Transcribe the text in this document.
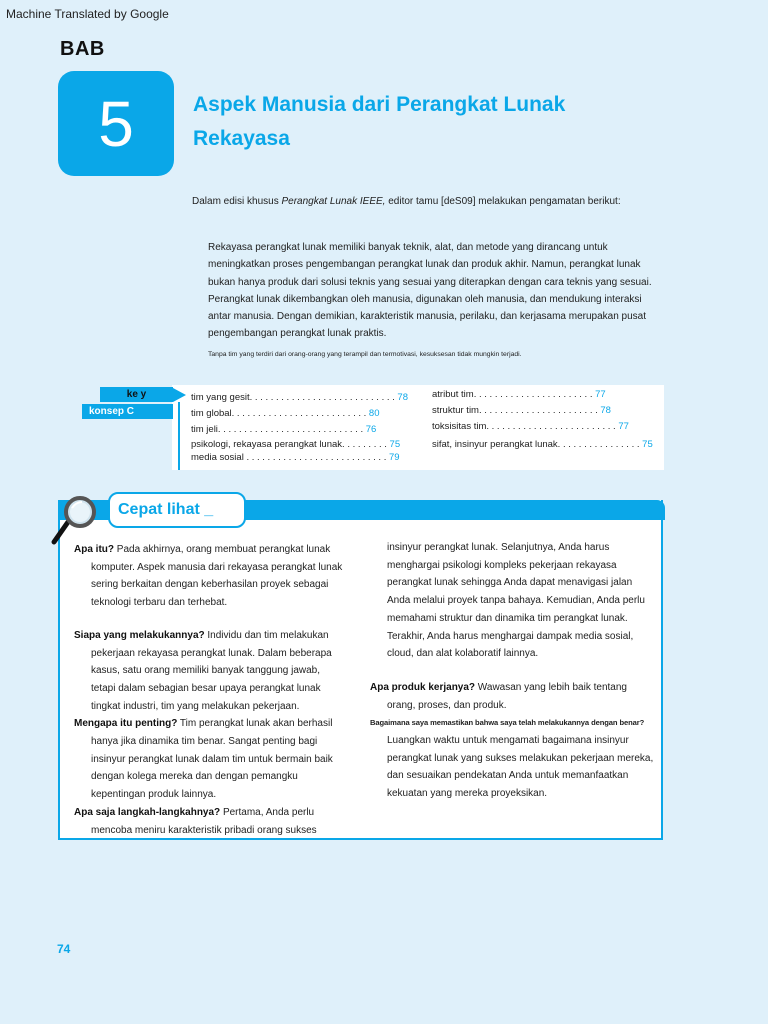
Machine Translated by Google
BAB
5	Aspek Manusia dari Perangkat Lunak
Rekayasa
Dalam edisi khusus Perangkat Lunak IEEE, editor tamu [deS09] melakukan pengamatan berikut:

Rekayasa perangkat lunak memiliki banyak teknik, alat, dan metode yang dirancang untuk

meningkatkan proses pengembangan perangkat lunak dan produk akhir. Namun, perangkat lunak

bukan hanya produk dari solusi teknis yang sesuai yang diterapkan dengan cara teknis yang sesuai.

Perangkat lunak dikembangkan oleh manusia, digunakan oleh manusia, dan mendukung interaksi

antar manusia. Dengan demikian, karakteristik manusia, perilaku, dan kerjasama merupakan pusat

pengembangan perangkat lunak praktis.

Tanpa tim yang terdiri dari orang-orang yang terampil dan termotivasi, kesuksesan tidak mungkin terjadi.
ke y
konsep C
tim yang gesit. . . . . . . . . . . . . . . . . . . . . . . . . . . . 78
tim global. . . . . . . . . . . . . . . . . . . . . . . . . . 80
tim jeli. . . . . . . . . . . . . . . . . . . . . . . . . . . . 76
psikologi, rekayasa perangkat lunak. . . . . . . . . 75
media sosial . . . . . . . . . . . . . . . . . . . . . . . . . . . 79
atribut tim. . . . . . . . . . . . . . . . . . . . . . . 77
struktur tim. . . . . . . . . . . . . . . . . . . . . . . 78
toksisitas tim. . . . . . . . . . . . . . . . . . . . . . . . . 77
sifat, insinyur perangkat lunak. . . . . . . . . . . . . . . . 75
Cepat lihat _

Apa itu? Pada akhirnya, orang membuat perangkat lunak

komputer. Aspek manusia dari rekayasa perangkat lunak

sering berkaitan dengan keberhasilan proyek sebagai

teknologi terbaru dan terhebat.

Siapa yang melakukannya? Individu dan tim melakukan

pekerjaan rekayasa perangkat lunak. Dalam beberapa

kasus, satu orang memiliki banyak tanggung jawab,

tetapi dalam sebagian besar upaya perangkat lunak

tingkat industri, tim yang melakukan pekerjaan.

Mengapa itu penting? Tim perangkat lunak akan berhasil

hanya jika dinamika tim benar. Sangat penting bagi

insinyur perangkat lunak dalam tim untuk bermain baik

dengan kolega mereka dan dengan pemangku

kepentingan produk lainnya.

Apa saja langkah-langkahnya? Pertama, Anda perlu

mencoba meniru karakteristik pribadi orang sukses

insinyur perangkat lunak. Selanjutnya, Anda harus

menghargai psikologi kompleks pekerjaan rekayasa

perangkat lunak sehingga Anda dapat menavigasi jalan

Anda melalui proyek tanpa bahaya. Kemudian, Anda perlu

memahami struktur dan dinamika tim perangkat lunak.

Terakhir, Anda harus menghargai dampak media sosial,

cloud, dan alat kolaboratif lainnya.

Apa produk kerjanya? Wawasan yang lebih baik tentang

orang, proses, dan produk.

Bagaimana saya memastikan bahwa saya telah melakukannya dengan benar?

Luangkan waktu untuk mengamati bagaimana insinyur

perangkat lunak yang sukses melakukan pekerjaan mereka,

dan sesuaikan pendekatan Anda untuk memanfaatkan

kekuatan yang mereka proyeksikan.

74
